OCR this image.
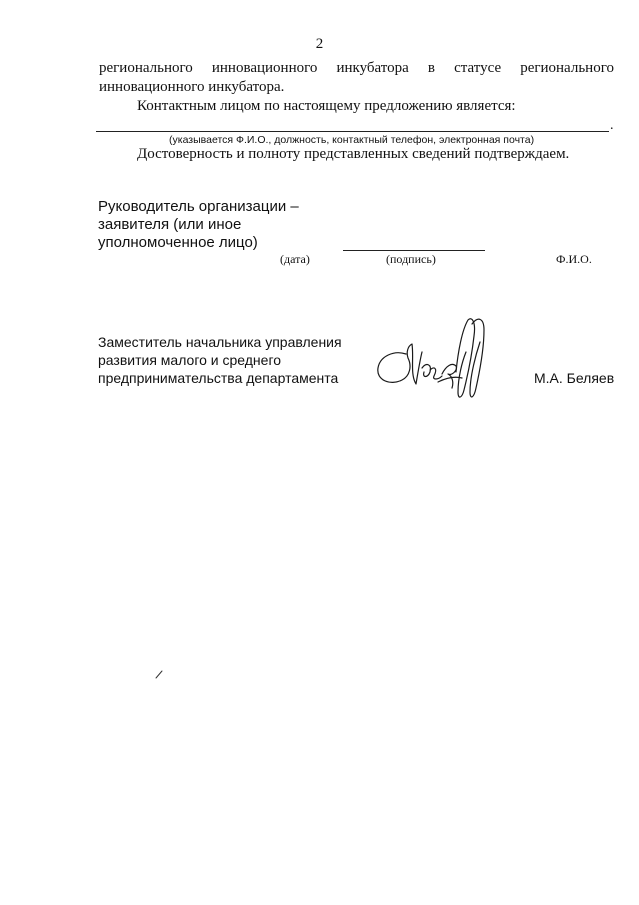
2
регионального инновационного инкубатора в статусе регионального
инновационного инкубатора.
Контактным лицом по настоящему предложению является:
.
(указывается Ф.И.О., должность, контактный телефон, электронная почта)
Достоверность и полноту представленных сведений подтверждаем.
Руководитель организации –
заявителя (или иное
уполномоченное лицо)
(дата)	(подпись)	Ф.И.О.
Заместитель начальника управления
развития малого и среднего
предпринимательства департамента	М.А. Беляев
